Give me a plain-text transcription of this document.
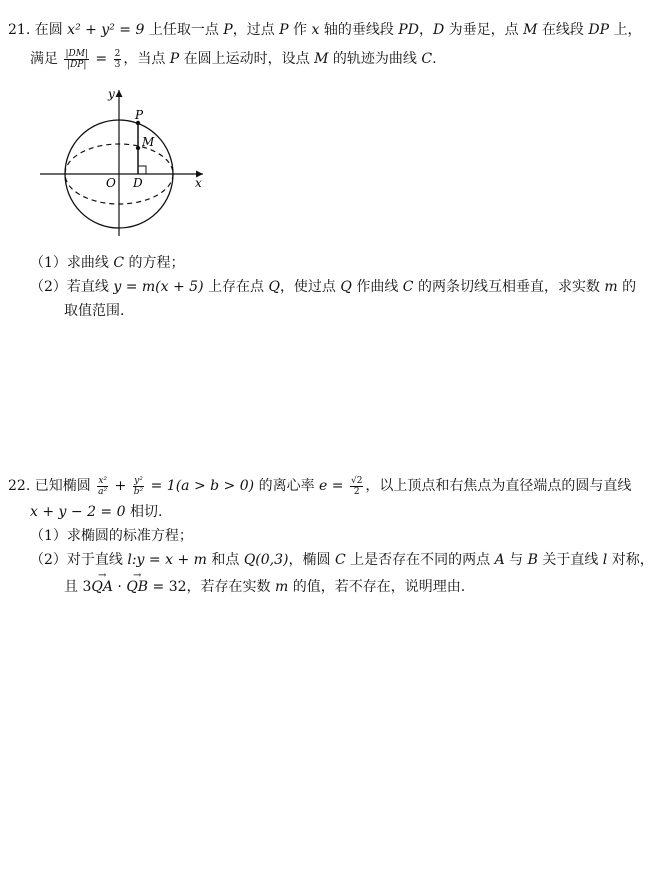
21. 在圆 x² + y² = 9 上任取一点 P，过点 P 作 x 轴的垂线段 PD，D 为垂足，点 M 在线段 DP 上，
满足 $\frac{|DM|}{|DP|} = \frac{2}{3}$ ，当点 P 在圆上运动时，设点 M 的轨迹为曲线 C.
y
x
P
M
O D
（1）求曲线 C 的方程；
（2）若直线 y = m(x + 5) 上存在点 Q，使过点 Q 作曲线 C 的两条切线互相垂直，求实数 m 的
取值范围.
22. 已知椭圆 $\frac{\text{x²}}{\text{a²}} + \frac{\text{y²}}{\text{b²}} = 1(a > b > 0)$ 的离心率 $e = \frac{√2}{2}$ ，以上顶点和右焦点为直径端点的圆与直线
x + y − 2 = 0 相切.
（1）求椭圆的标准方程；
（2）对于直线 l:y = x + m 和点 Q(0,3)，椭圆 C 上是否存在不同的两点 A 与 B 关于直线 l 对称，
且 3→ QA · → QB = 32，若存在实数 m 的值，若不存在，说明理由.
